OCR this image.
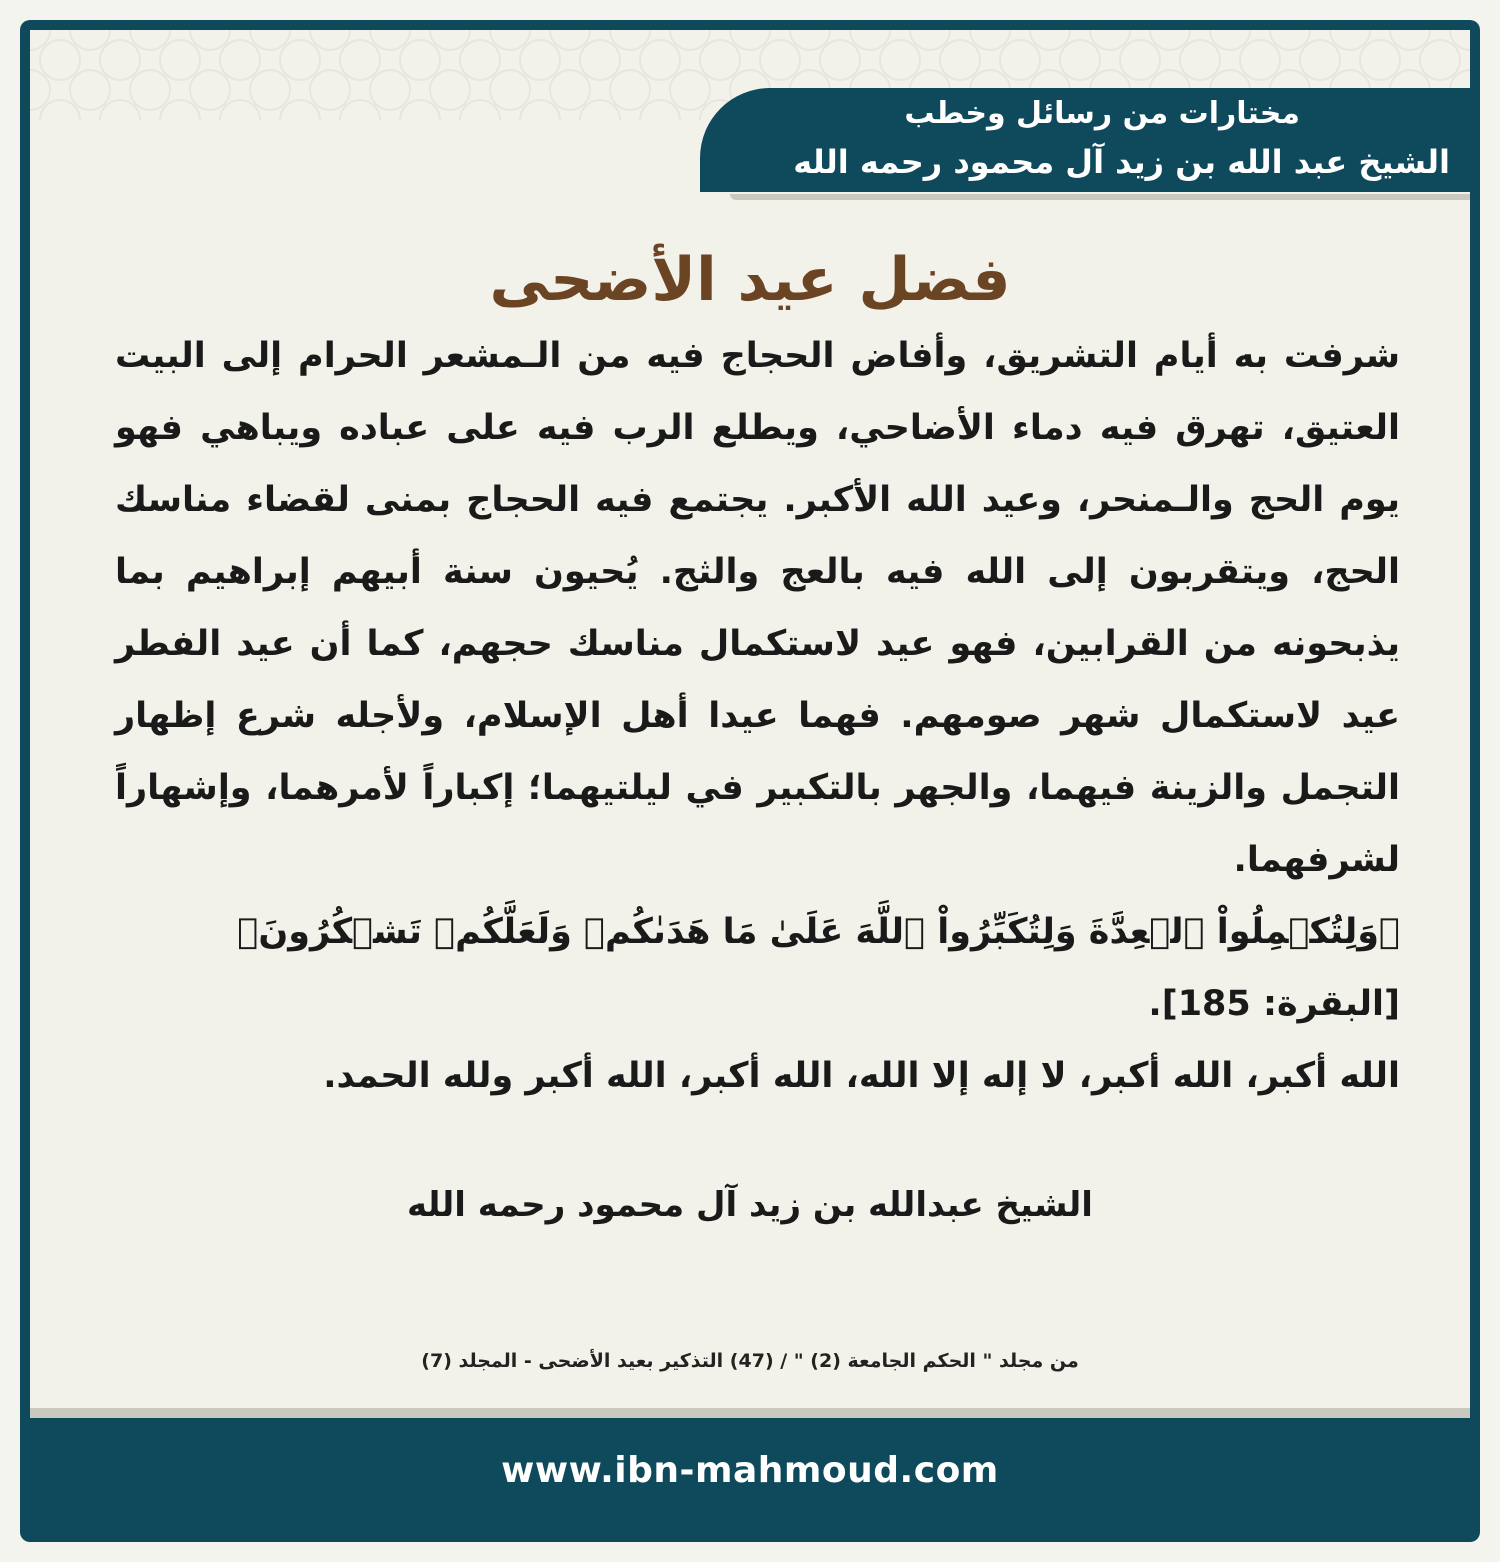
مختارات من رسائل وخطب
الشيخ عبد الله بن زيد آل محمود رحمه الله
فضل عيد الأضحى

شرفت به أيام التشريق، وأفاض الحجاج فيه من الـمشعر الحرام إلى البيت العتيق، تهرق فيه دماء الأضاحي، ويطلع الرب فيه على عباده ويباهي فهو يوم الحج والـمنحر، وعيد الله الأكبر. يجتمع فيه الحجاج بمنى لقضاء مناسك الحج، ويتقربون إلى الله فيه بالعج والثج. يُحيون سنة أبيهم إبراهيم بما يذبحونه من القرابين، فهو عيد لاستكمال مناسك حجهم، كما أن عيد الفطر عيد لاستكمال شهر صومهم. فهما عيدا أهل الإسلام، ولأجله شرع إظهار التجمل والزينة فيهما، والجهر بالتكبير في ليلتيهما؛ إكباراً لأمرهما، وإشهاراً لشرفهما.

﴿وَلِتُكۡمِلُواْ ٱلۡعِدَّةَ وَلِتُكَبِّرُواْ ٱللَّهَ عَلَىٰ مَا هَدَىٰكُمۡ وَلَعَلَّكُمۡ تَشۡكُرُونَ﴾ [البقرة: 185].

الله أكبر، الله أكبر، لا إله إلا الله، الله أكبر، الله أكبر ولله الحمد.

الشيخ عبدالله بن زيد آل محمود رحمه الله
من مجلد " الحكم الجامعة (2) " / (47) التذكير بعيد الأضحى - المجلد (7)
www.ibn-mahmoud.com
